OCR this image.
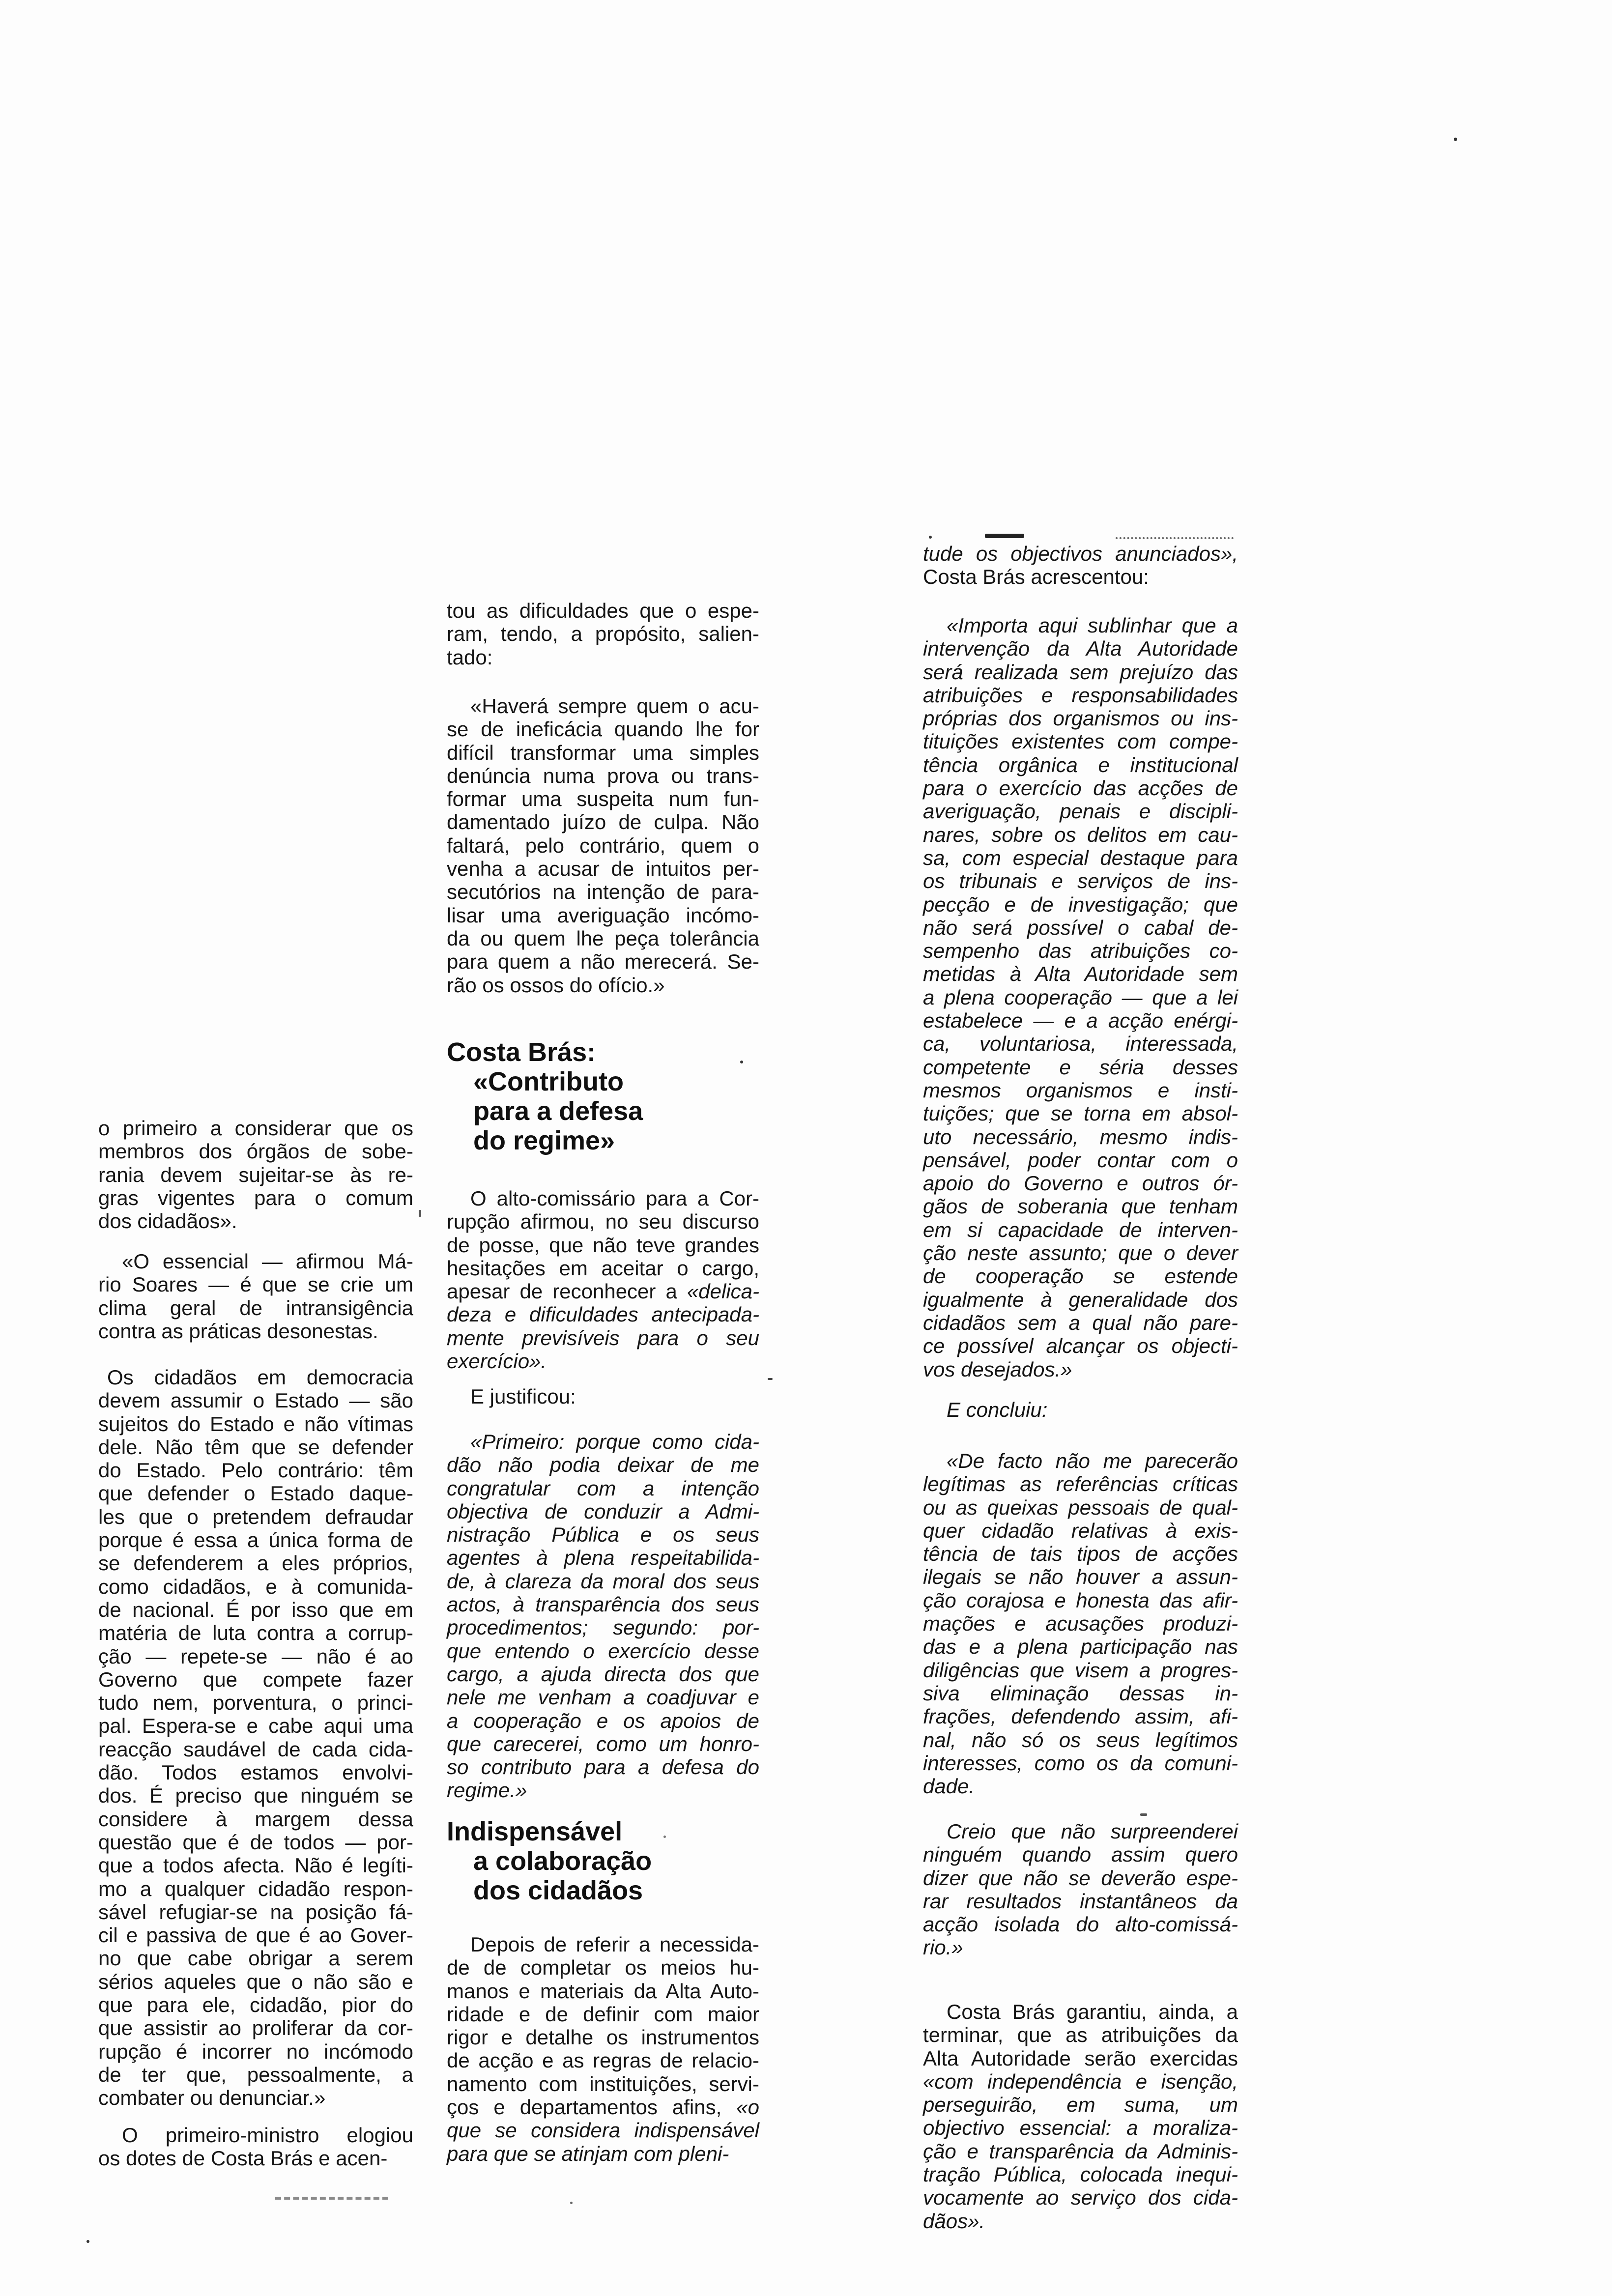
o primeiro a considerar que os
membros dos órgãos de sobe-
rania devem sujeitar-se às re-
gras vigentes para o comum
dos cidadãos».
«O essencial — afirmou Má-
rio Soares — é que se crie um
clima geral de intransigência
contra as práticas desonestas.
Os cidadãos em democracia
devem assumir o Estado — são
sujeitos do Estado e não vítimas
dele. Não têm que se defender
do Estado. Pelo contrário: têm
que defender o Estado daque-
les que o pretendem defraudar
porque é essa a única forma de
se defenderem a eles próprios,
como cidadãos, e à comunida-
de nacional. É por isso que em
matéria de luta contra a corrup-
ção — repete-se — não é ao
Governo que compete fazer
tudo nem, porventura, o princi-
pal. Espera-se e cabe aqui uma
reacção saudável de cada cida-
dão. Todos estamos envolvi-
dos. É preciso que ninguém se
considere à margem dessa
questão que é de todos — por-
que a todos afecta. Não é legíti-
mo a qualquer cidadão respon-
sável refugiar-se na posição fá-
cil e passiva de que é ao Gover-
no que cabe obrigar a serem
sérios aqueles que o não são e
que para ele, cidadão, pior do
que assistir ao proliferar da cor-
rupção é incorrer no incómodo
de ter que, pessoalmente, a
combater ou denunciar.»
O primeiro-ministro elogiou
os dotes de Costa Brás e acen-
tou as dificuldades que o espe-
ram, tendo, a propósito, salien-
tado:
«Haverá sempre quem o acu-
se de ineficácia quando lhe for
difícil transformar uma simples
denúncia numa prova ou trans-
formar uma suspeita num fun-
damentado juízo de culpa. Não
faltará, pelo contrário, quem o
venha a acusar de intuitos per-
secutórios na intenção de para-
lisar uma averiguação incómo-
da ou quem lhe peça tolerância
para quem a não merecerá. Se-
rão os ossos do ofício.»
Costa Brás:
«Contributo
para a defesa
do regime»
O alto-comissário para a Cor-
rupção afirmou, no seu discurso
de posse, que não teve grandes
hesitações em aceitar o cargo,
apesar de reconhecer a «delica-
deza e dificuldades antecipada-
mente previsíveis para o seu
exercício».
E justificou:
«Primeiro: porque como cida-
dão não podia deixar de me
congratular com a intenção
objectiva de conduzir a Admi-
nistração Pública e os seus
agentes à plena respeitabilida-
de, à clareza da moral dos seus
actos, à transparência dos seus
procedimentos; segundo: por-
que entendo o exercício desse
cargo, a ajuda directa dos que
nele me venham a coadjuvar e
a cooperação e os apoios de
que carecerei, como um honro-
so contributo para a defesa do
regime.»
Indispensável
a colaboração
dos cidadãos
Depois de referir a necessida-
de de completar os meios hu-
manos e materiais da Alta Auto-
ridade e de definir com maior
rigor e detalhe os instrumentos
de acção e as regras de relacio-
namento com instituições, servi-
ços e departamentos afins, «o
que se considera indispensável
para que se atinjam com pleni-
tude os objectivos anunciados»,
Costa Brás acrescentou:
«Importa aqui sublinhar que a
intervenção da Alta Autoridade
será realizada sem prejuízo das
atribuições e responsabilidades
próprias dos organismos ou ins-
tituições existentes com compe-
tência orgânica e institucional
para o exercício das acções de
averiguação, penais e discipli-
nares, sobre os delitos em cau-
sa, com especial destaque para
os tribunais e serviços de ins-
pecção e de investigação; que
não será possível o cabal de-
sempenho das atribuições co-
metidas à Alta Autoridade sem
a plena cooperação — que a lei
estabelece — e a acção enérgi-
ca, voluntariosa, interessada,
competente e séria desses
mesmos organismos e insti-
tuições; que se torna em absol-
uto necessário, mesmo indis-
pensável, poder contar com o
apoio do Governo e outros ór-
gãos de soberania que tenham
em si capacidade de interven-
ção neste assunto; que o dever
de cooperação se estende
igualmente à generalidade dos
cidadãos sem a qual não pare-
ce possível alcançar os objecti-
vos desejados.»
E concluiu:
«De facto não me parecerão
legítimas as referências críticas
ou as queixas pessoais de qual-
quer cidadão relativas à exis-
tência de tais tipos de acções
ilegais se não houver a assun-
ção corajosa e honesta das afir-
mações e acusações produzi-
das e a plena participação nas
diligências que visem a progres-
siva eliminação dessas in-
frações, defendendo assim, afi-
nal, não só os seus legítimos
interesses, como os da comuni-
dade.
Creio que não surpreenderei
ninguém quando assim quero
dizer que não se deverão espe-
rar resultados instantâneos da
acção isolada do alto-comissá-
rio.»
Costa Brás garantiu, ainda, a
terminar, que as atribuições da
Alta Autoridade serão exercidas
«com independência e isenção,
perseguirão, em suma, um
objectivo essencial: a moraliza-
ção e transparência da Adminis-
tração Pública, colocada inequi-
vocamente ao serviço dos cida-
dãos».
